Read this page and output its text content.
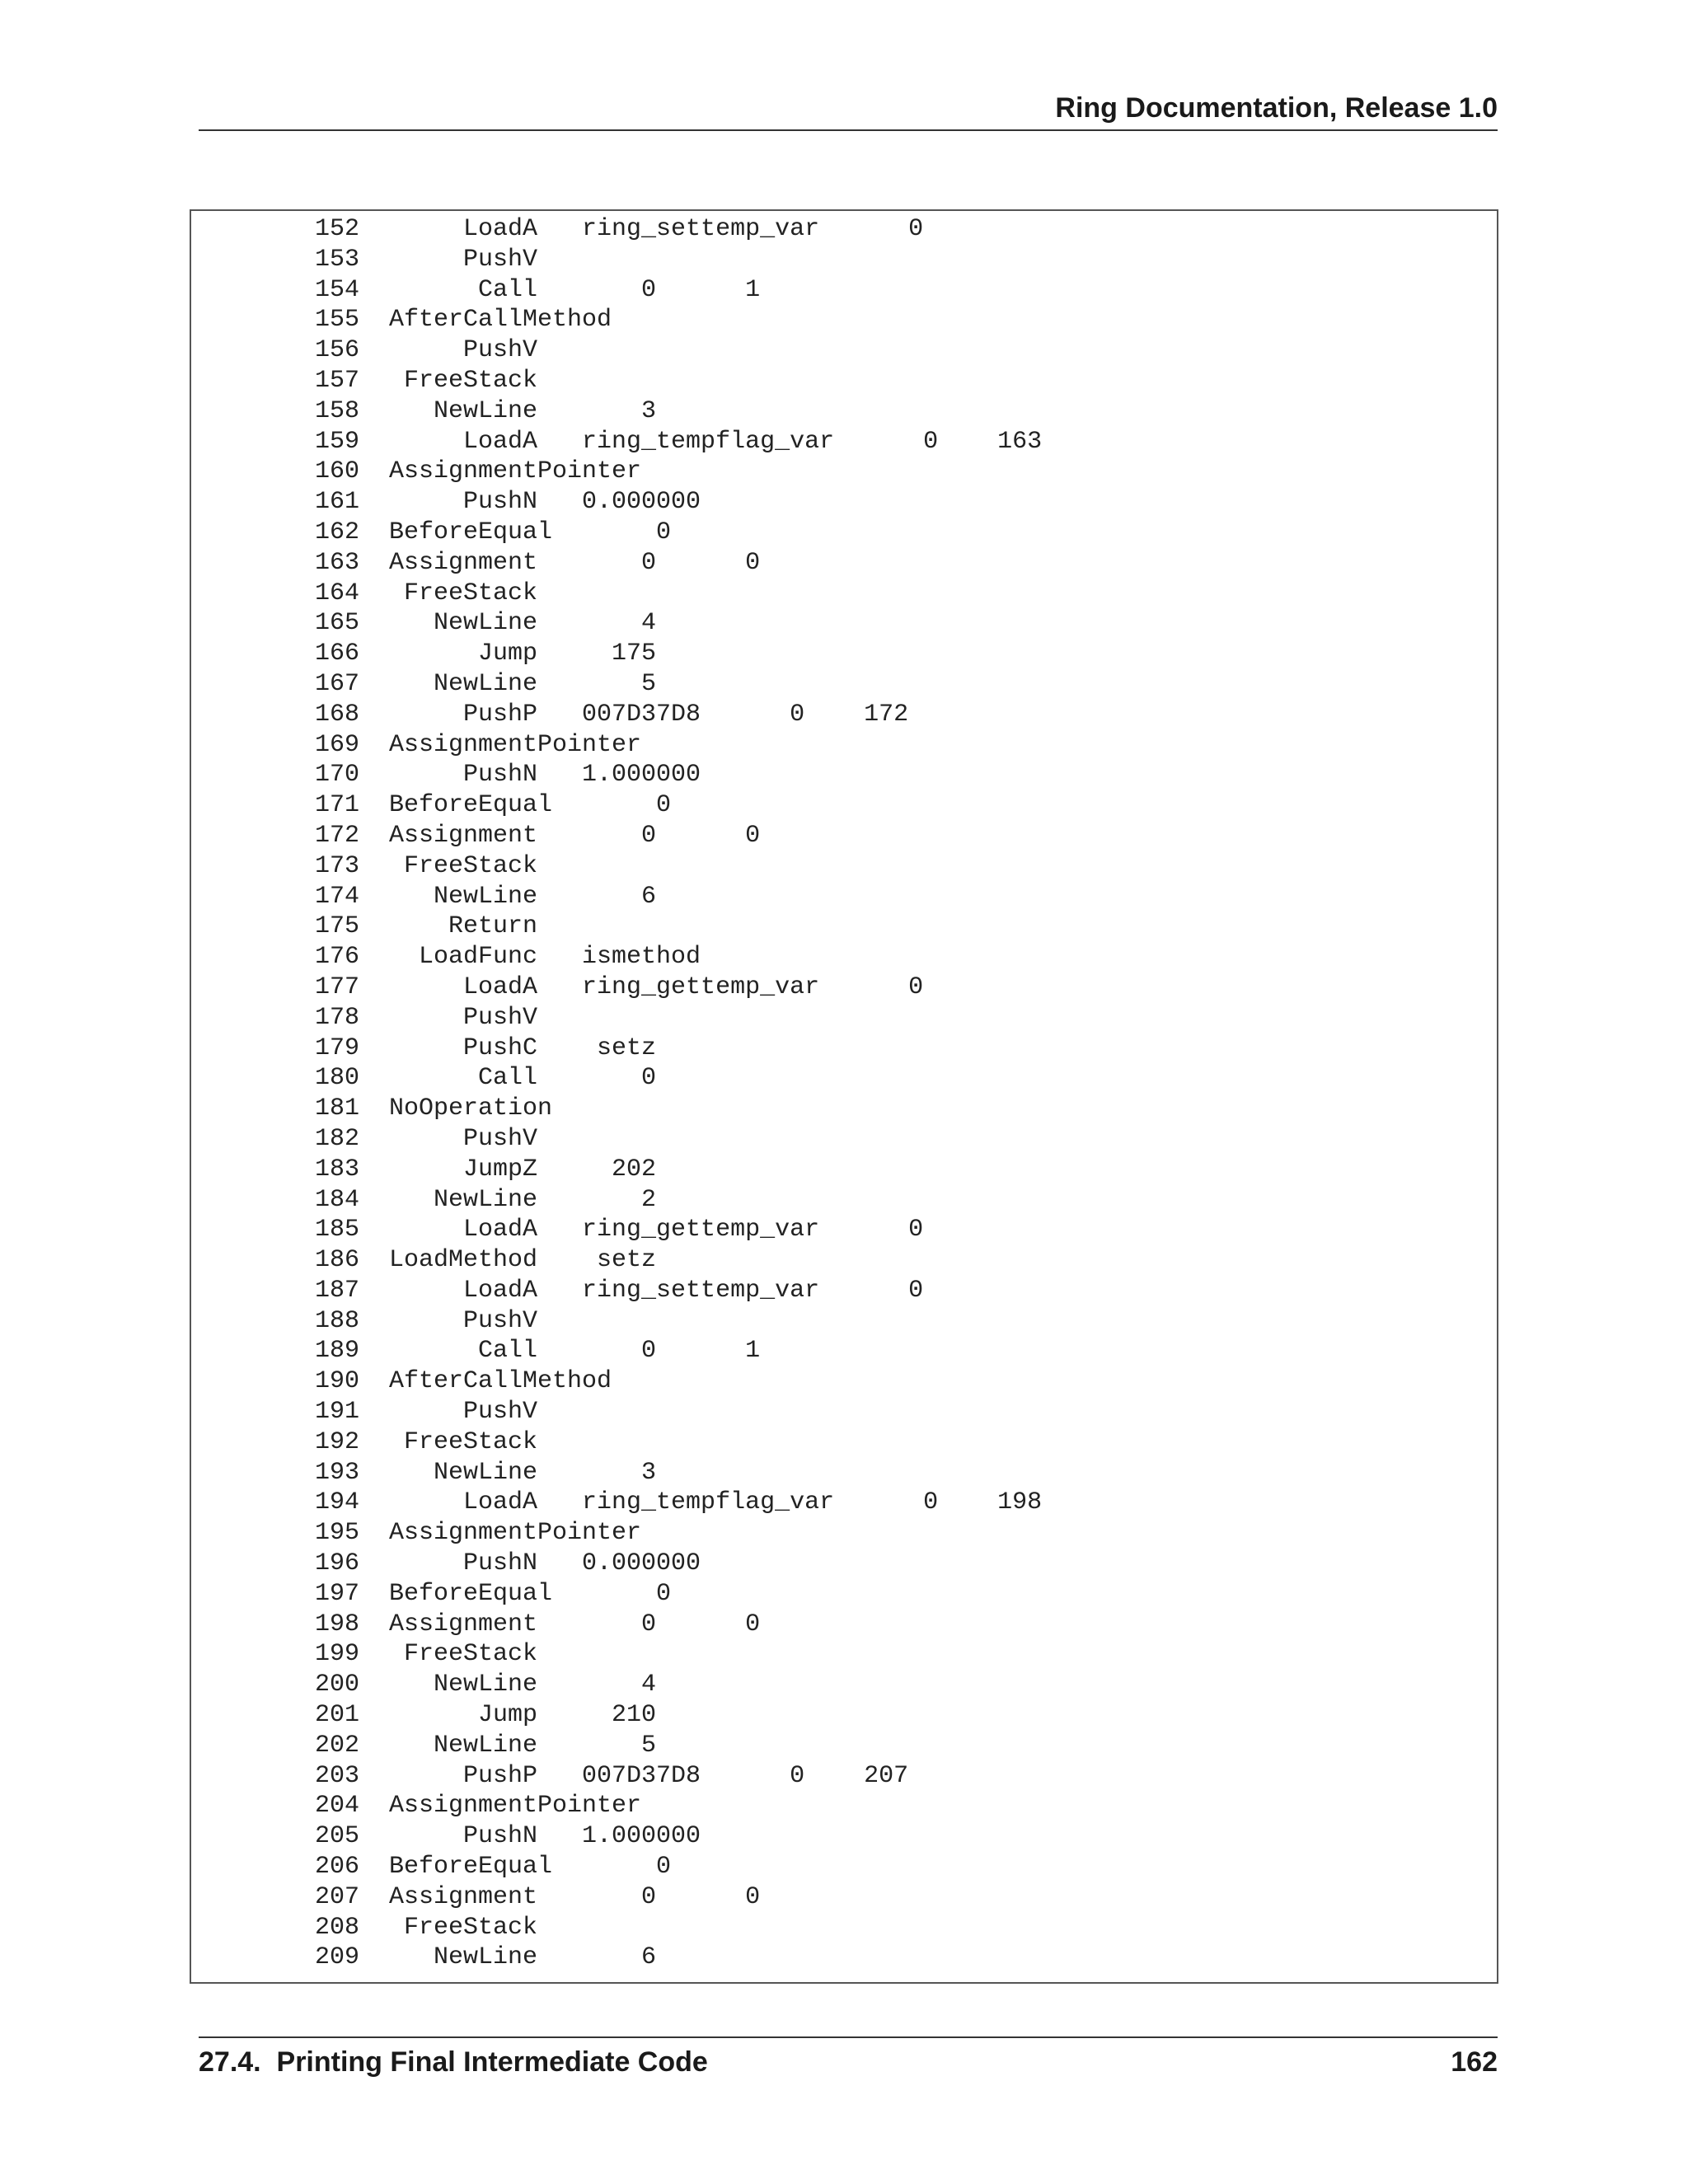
Ring Documentation, Release 1.0
152     LoadA   ring_settemp_var      0
153     PushV
154      Call       0      1
155 AfterCallMethod
156     PushV
157 FreeStack
158   NewLine       3
159     LoadA   ring_tempflag_var      0    163
160 AssignmentPointer
161     PushN   0.000000
162 BeforeEqual       0
163 Assignment       0      0
164 FreeStack
165   NewLine       4
166      Jump     175
167   NewLine       5
168     PushP   007D37D8      0    172
169 AssignmentPointer
170     PushN   1.000000
171 BeforeEqual       0
172 Assignment       0      0
173 FreeStack
174   NewLine       6
175    Return
176  LoadFunc   ismethod
177     LoadA   ring_gettemp_var      0
178     PushV
179     PushC    setz
180      Call       0
181 NoOperation
182     PushV
183     JumpZ     202
184   NewLine       2
185     LoadA   ring_gettemp_var      0
186 LoadMethod    setz
187     LoadA   ring_settemp_var      0
188     PushV
189      Call       0      1
190 AfterCallMethod
191     PushV
192 FreeStack
193   NewLine       3
194     LoadA   ring_tempflag_var      0    198
195 AssignmentPointer
196     PushN   0.000000
197 BeforeEqual       0
198 Assignment       0      0
199 FreeStack
200   NewLine       4
201      Jump     210
202   NewLine       5
203     PushP   007D37D8      0    207
204 AssignmentPointer
205     PushN   1.000000
206 BeforeEqual       0
207 Assignment       0      0
208 FreeStack
209   NewLine       6
27.4.  Printing Final Intermediate Code	162
